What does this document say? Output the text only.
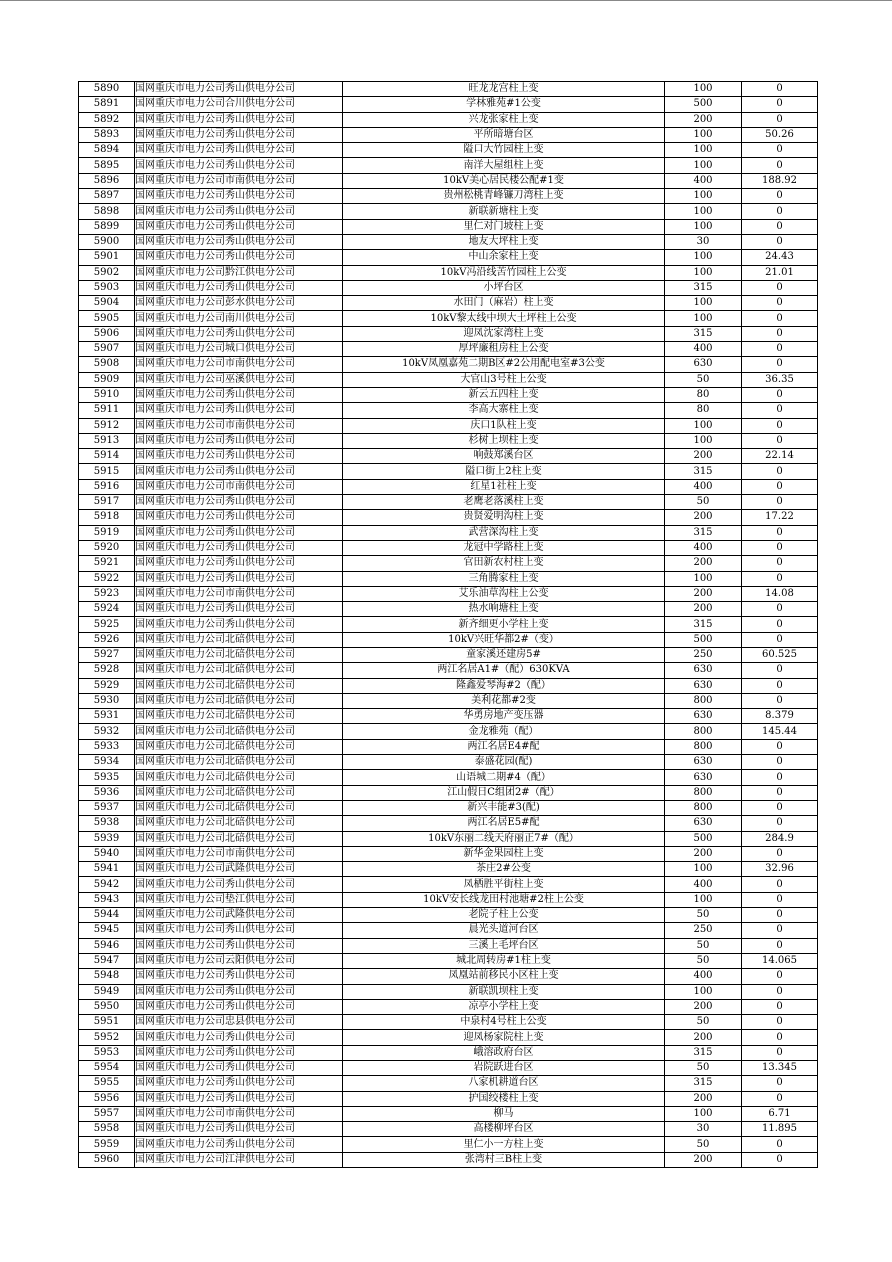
5890	国网重庆市电力公司秀山供电分公司	旺龙龙宫柱上变	100	0
5891	国网重庆市电力公司合川供电分公司	学林雅苑#1公变	500	0
5892	国网重庆市电力公司秀山供电分公司	兴龙张家柱上变	200	0
5893	国网重庆市电力公司秀山供电分公司	平所暗塘台区	100	50.26
5894	国网重庆市电力公司秀山供电分公司	隘口大竹园柱上变	100	0
5895	国网重庆市电力公司秀山供电分公司	南洋大屋组柱上变	100	0
5896	国网重庆市电力公司市南供电分公司	10kV美心居民楼公配#1变	400	188.92
5897	国网重庆市电力公司秀山供电分公司	贵州松桃青峰镰刀湾柱上变	100	0
5898	国网重庆市电力公司秀山供电分公司	新联新塘柱上变	100	0
5899	国网重庆市电力公司秀山供电分公司	里仁对门坡柱上变	100	0
5900	国网重庆市电力公司秀山供电分公司	地友大坪柱上变	30	0
5901	国网重庆市电力公司秀山供电分公司	中山余家柱上变	100	24.43
5902	国网重庆市电力公司黔江供电分公司	10kV冯沿线苦竹园柱上公变	100	21.01
5903	国网重庆市电力公司秀山供电分公司	小坪台区	315	0
5904	国网重庆市电力公司彭水供电分公司	水田门（麻岩）柱上变	100	0
5905	国网重庆市电力公司南川供电分公司	10kV黎太线中坝大土坪柱上公变	100	0
5906	国网重庆市电力公司秀山供电分公司	迎凤沈家湾柱上变	315	0
5907	国网重庆市电力公司城口供电分公司	厚坪廉租房柱上公变	400	0
5908	国网重庆市电力公司市南供电分公司	10kV凤凰嘉苑二期B区#2公用配电室#3公变	630	0
5909	国网重庆市电力公司巫溪供电分公司	大官山3号柱上公变	50	36.35
5910	国网重庆市电力公司秀山供电分公司	新云五四柱上变	80	0
5911	国网重庆市电力公司秀山供电分公司	李高大寨柱上变	80	0
5912	国网重庆市电力公司市南供电分公司	庆口1队柱上变	100	0
5913	国网重庆市电力公司秀山供电分公司	杉树上坝柱上变	100	0
5914	国网重庆市电力公司秀山供电分公司	响鼓郑溪台区	200	22.14
5915	国网重庆市电力公司秀山供电分公司	隘口街上2柱上变	315	0
5916	国网重庆市电力公司市南供电分公司	红星1社柱上变	400	0
5917	国网重庆市电力公司秀山供电分公司	老鹰老落溪柱上变	50	0
5918	国网重庆市电力公司秀山供电分公司	贵贤爱明沟柱上变	200	17.22
5919	国网重庆市电力公司秀山供电分公司	武营深沟柱上变	315	0
5920	国网重庆市电力公司秀山供电分公司	龙冠中学路柱上变	400	0
5921	国网重庆市电力公司秀山供电分公司	官田新农村柱上变	200	0
5922	国网重庆市电力公司秀山供电分公司	三角腾家柱上变	100	0
5923	国网重庆市电力公司市南供电分公司	艾乐油草沟柱上公变	200	14.08
5924	国网重庆市电力公司秀山供电分公司	热水响塘柱上变	200	0
5925	国网重庆市电力公司秀山供电分公司	新齐细更小学柱上变	315	0
5926	国网重庆市电力公司北碚供电分公司	10kV兴旺华都2#（变）	500	0
5927	国网重庆市电力公司北碚供电分公司	童家溪还建房5#	250	60.525
5928	国网重庆市电力公司北碚供电分公司	两江名居A1#（配）630KVA	630	0
5929	国网重庆市电力公司北碚供电分公司	隆鑫爱琴海#2（配）	630	0
5930	国网重庆市电力公司北碚供电分公司	美利花都#2变	800	0
5931	国网重庆市电力公司北碚供电分公司	华勇房地产变压器	630	8.379
5932	国网重庆市电力公司北碚供电分公司	金龙雅苑（配）	800	145.44
5933	国网重庆市电力公司北碚供电分公司	两江名居E4#配	800	0
5934	国网重庆市电力公司北碚供电分公司	泰盛花园(配)	630	0
5935	国网重庆市电力公司北碚供电分公司	山语城二期#4（配）	630	0
5936	国网重庆市电力公司北碚供电分公司	江山假日C组团2#（配）	800	0
5937	国网重庆市电力公司北碚供电分公司	新兴丰能#3(配)	800	0
5938	国网重庆市电力公司北碚供电分公司	两江名居E5#配	630	0
5939	国网重庆市电力公司北碚供电分公司	10kV东丽二线天府丽正7#（配）	500	284.9
5940	国网重庆市电力公司市南供电分公司	新华金果园柱上变	200	0
5941	国网重庆市电力公司武隆供电分公司	茶庄2#公变	100	32.96
5942	国网重庆市电力公司秀山供电分公司	凤栖胜平街柱上变	400	0
5943	国网重庆市电力公司垫江供电分公司	10kV安长线龙田村池塘#2柱上公变	100	0
5944	国网重庆市电力公司武隆供电分公司	老院子柱上公变	50	0
5945	国网重庆市电力公司秀山供电分公司	晨光头道河台区	250	0
5946	国网重庆市电力公司秀山供电分公司	三溪上毛坪台区	50	0
5947	国网重庆市电力公司云阳供电分公司	城北周转房#1柱上变	50	14.065
5948	国网重庆市电力公司秀山供电分公司	凤凰站前移民小区柱上变	400	0
5949	国网重庆市电力公司秀山供电分公司	新联凯坝柱上变	100	0
5950	国网重庆市电力公司秀山供电分公司	凉亭小学柱上变	200	0
5951	国网重庆市电力公司忠县供电分公司	中泉村4号柱上公变	50	0
5952	国网重庆市电力公司秀山供电分公司	迎凤杨家院柱上变	200	0
5953	国网重庆市电力公司秀山供电分公司	峨溶政府台区	315	0
5954	国网重庆市电力公司秀山供电分公司	岩院跃进台区	50	13.345
5955	国网重庆市电力公司秀山供电分公司	八家机耕道台区	315	0
5956	国网重庆市电力公司秀山供电分公司	护国绞楼柱上变	200	0
5957	国网重庆市电力公司市南供电分公司	柳马	100	6.71
5958	国网重庆市电力公司秀山供电分公司	高楼柳坪台区	30	11.895
5959	国网重庆市电力公司秀山供电分公司	里仁小一方柱上变	50	0
5960	国网重庆市电力公司江津供电分公司	张湾村三B柱上变	200	0
